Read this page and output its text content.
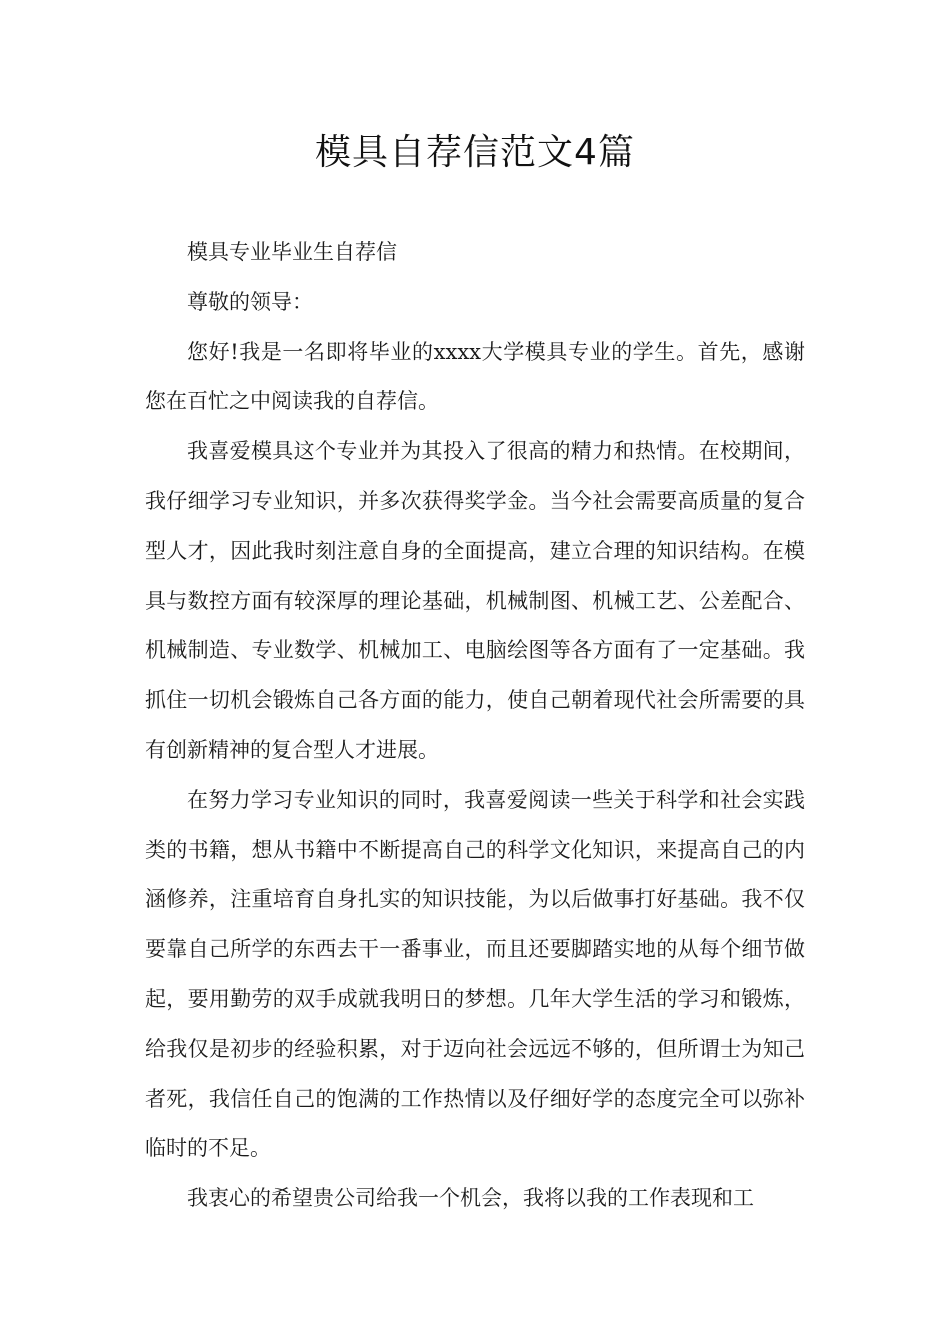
模具自荐信范文4篇

模具专业毕业生自荐信

尊敬的领导：

您好!我是一名即将毕业的xxxx大学模具专业的学生。首先，感谢您在百忙之中阅读我的自荐信。

我喜爱模具这个专业并为其投入了很高的精力和热情。在校期间，我仔细学习专业知识，并多次获得奖学金。当今社会需要高质量的复合型人才，因此我时刻注意自身的全面提高，建立合理的知识结构。在模具与数控方面有较深厚的理论基础，机械制图、机械工艺、公差配合、机械制造、专业数学、机械加工、电脑绘图等各方面有了一定基础。我抓住一切机会锻炼自己各方面的能力，使自己朝着现代社会所需要的具有创新精神的复合型人才进展。

在努力学习专业知识的同时，我喜爱阅读一些关于科学和社会实践类的书籍，想从书籍中不断提高自己的科学文化知识，来提高自己的内涵修养，注重培育自身扎实的知识技能，为以后做事打好基础。我不仅要靠自己所学的东西去干一番事业，而且还要脚踏实地的从每个细节做起，要用勤劳的双手成就我明日的梦想。几年大学生活的学习和锻炼，给我仅是初步的经验积累，对于迈向社会远远不够的，但所谓士为知己者死，我信任自己的饱满的工作热情以及仔细好学的态度完全可以弥补临时的不足。

我衷心的希望贵公司给我一个机会，我将以我的工作表现和工
